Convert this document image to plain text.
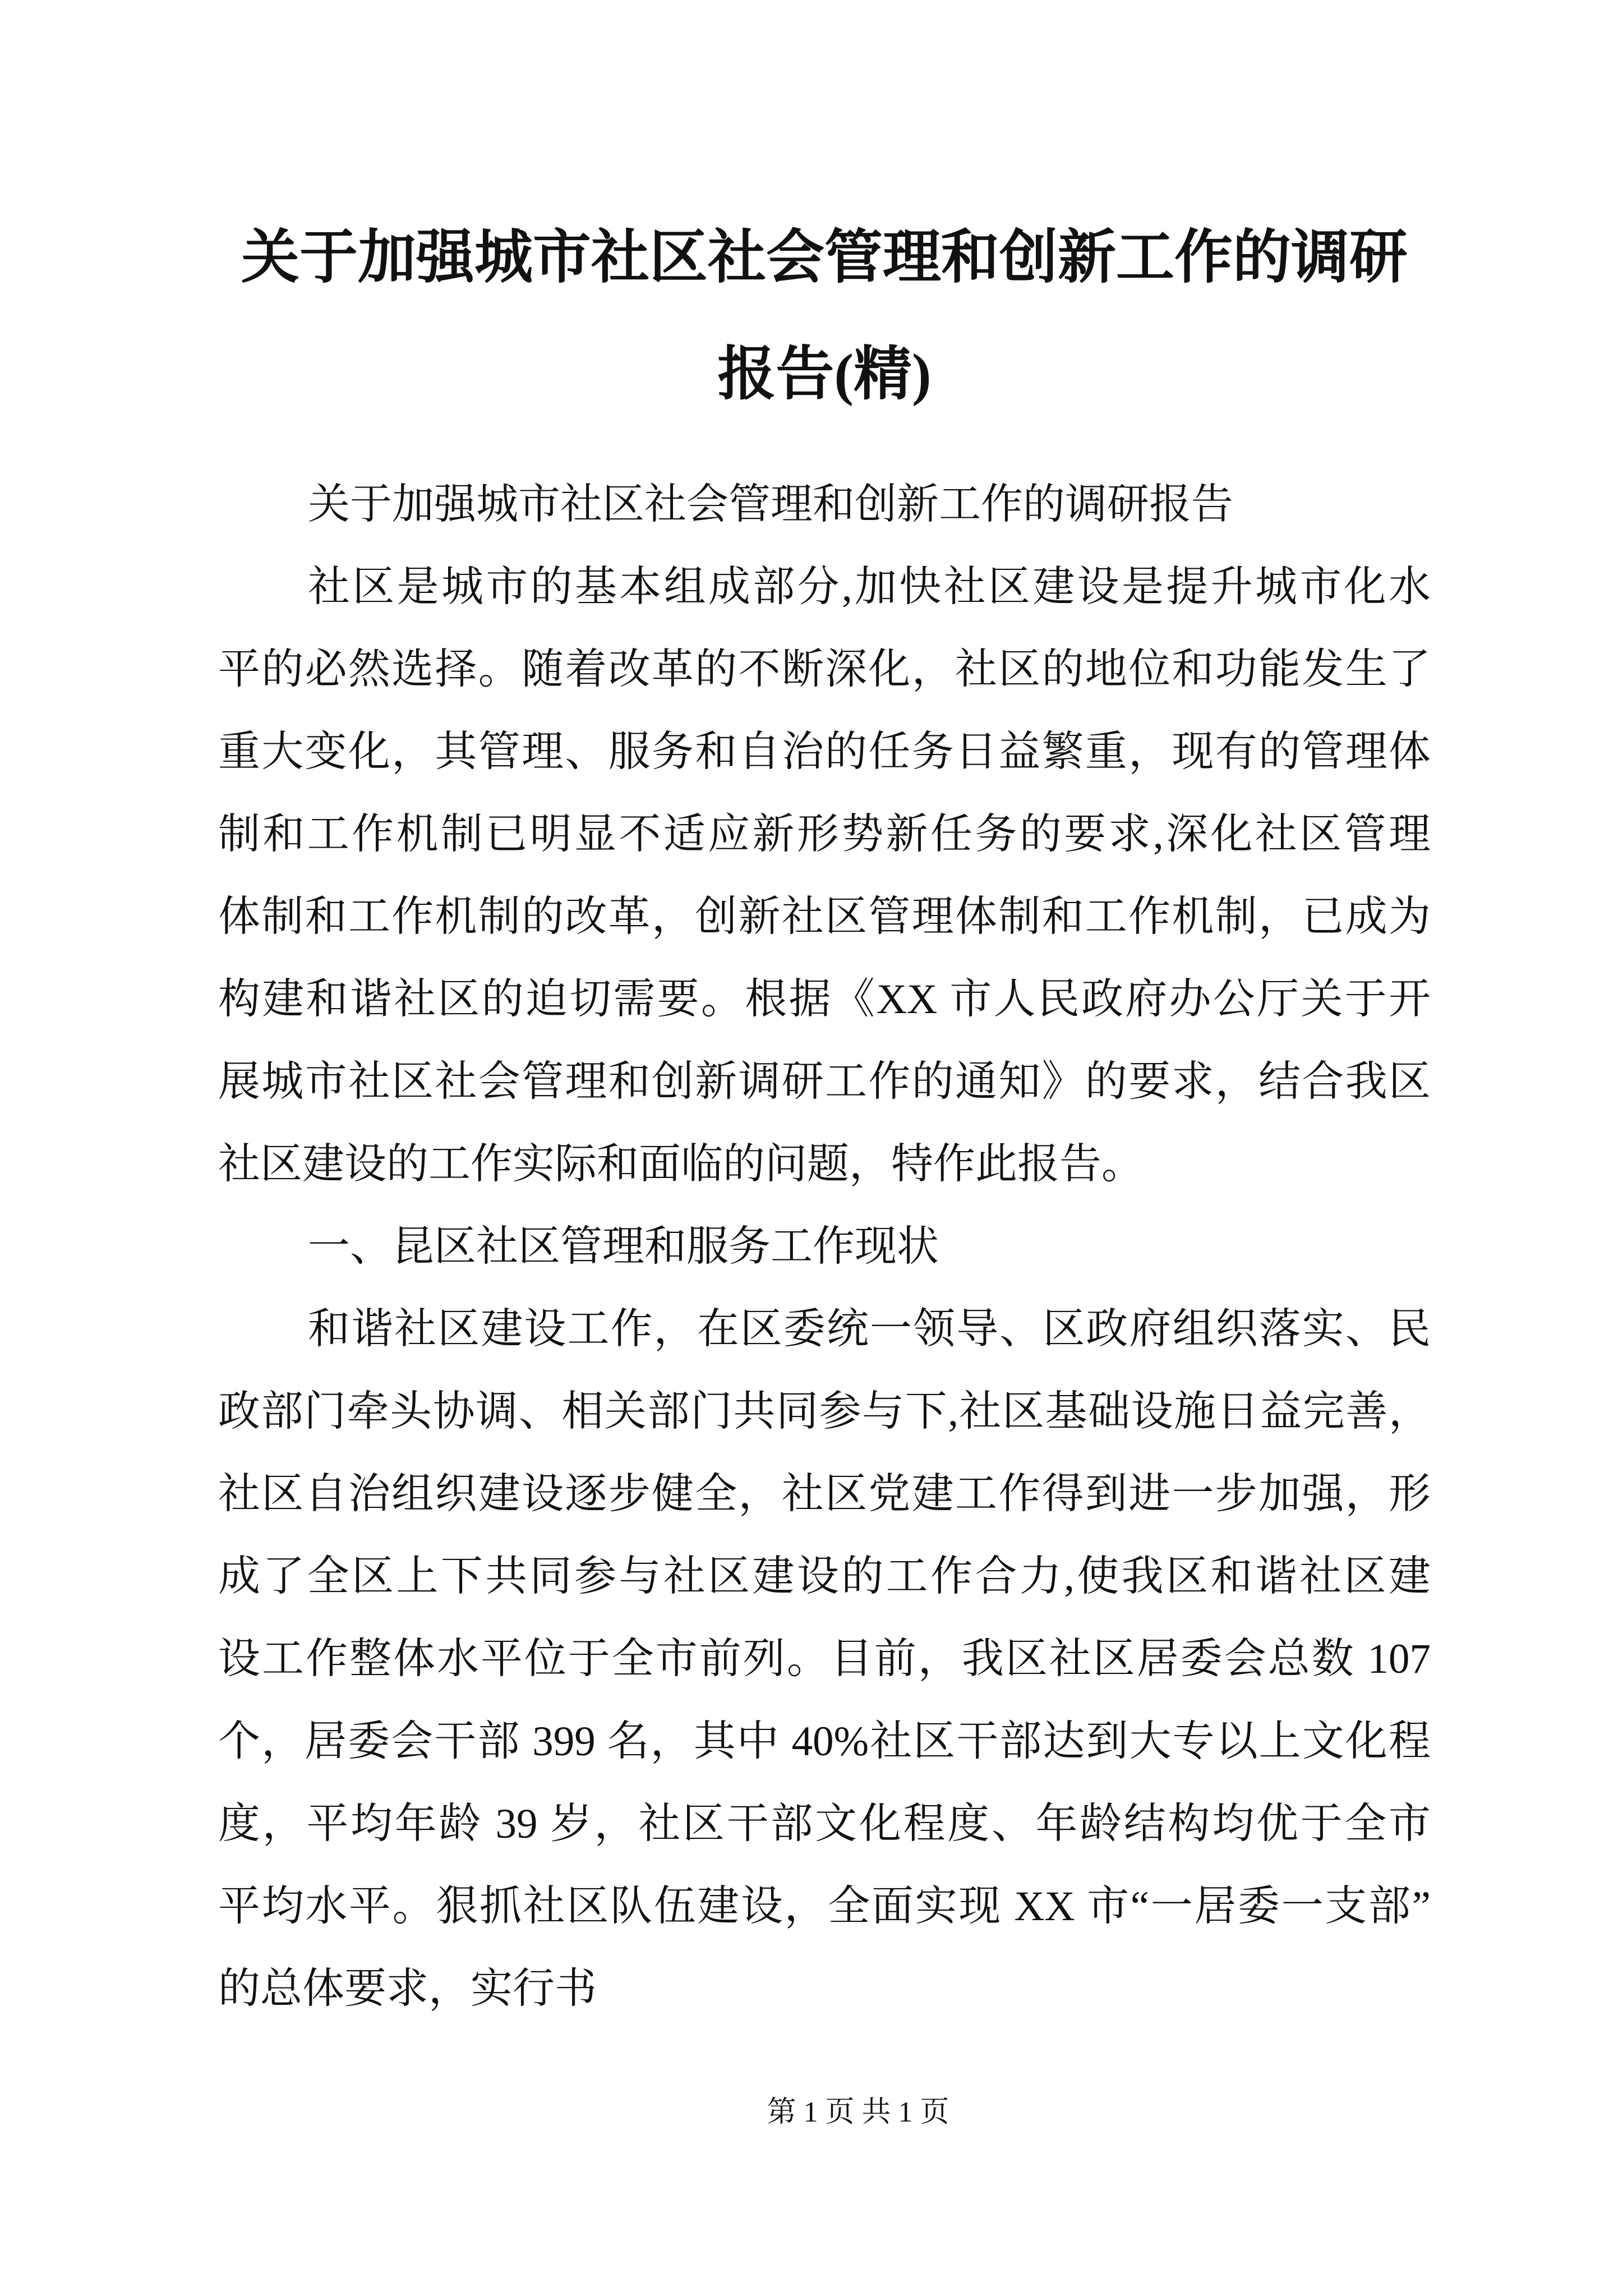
关于加强城市社区社会管理和创新工作的调研
报告(精)
关于加强城市社区社会管理和创新工作的调研报告
社区是城市的基本组成部分,加快社区建设是提升城市化水
平的必然选择。随着改革的不断深化，社区的地位和功能发生了
重大变化，其管理、服务和自治的任务日益繁重，现有的管理体
制和工作机制已明显不适应新形势新任务的要求,深化社区管理
体制和工作机制的改革，创新社区管理体制和工作机制，已成为
构建和谐社区的迫切需要。根据《XX 市人民政府办公厅关于开
展城市社区社会管理和创新调研工作的通知》的要求，结合我区
社区建设的工作实际和面临的问题，特作此报告。
一、昆区社区管理和服务工作现状
和谐社区建设工作，在区委统一领导、区政府组织落实、民
政部门牵头协调、相关部门共同参与下,社区基础设施日益完善，
社区自治组织建设逐步健全，社区党建工作得到进一步加强，形
成了全区上下共同参与社区建设的工作合力,使我区和谐社区建
设工作整体水平位于全市前列。目前，我区社区居委会总数 107
个，居委会干部 399 名，其中 40%社区干部达到大专以上文化程
度，平均年龄 39 岁，社区干部文化程度、年龄结构均优于全市
平均水平。狠抓社区队伍建设，全面实现 XX 市“一居委一支部”
的总体要求，实行书
第 1 页 共 1 页
